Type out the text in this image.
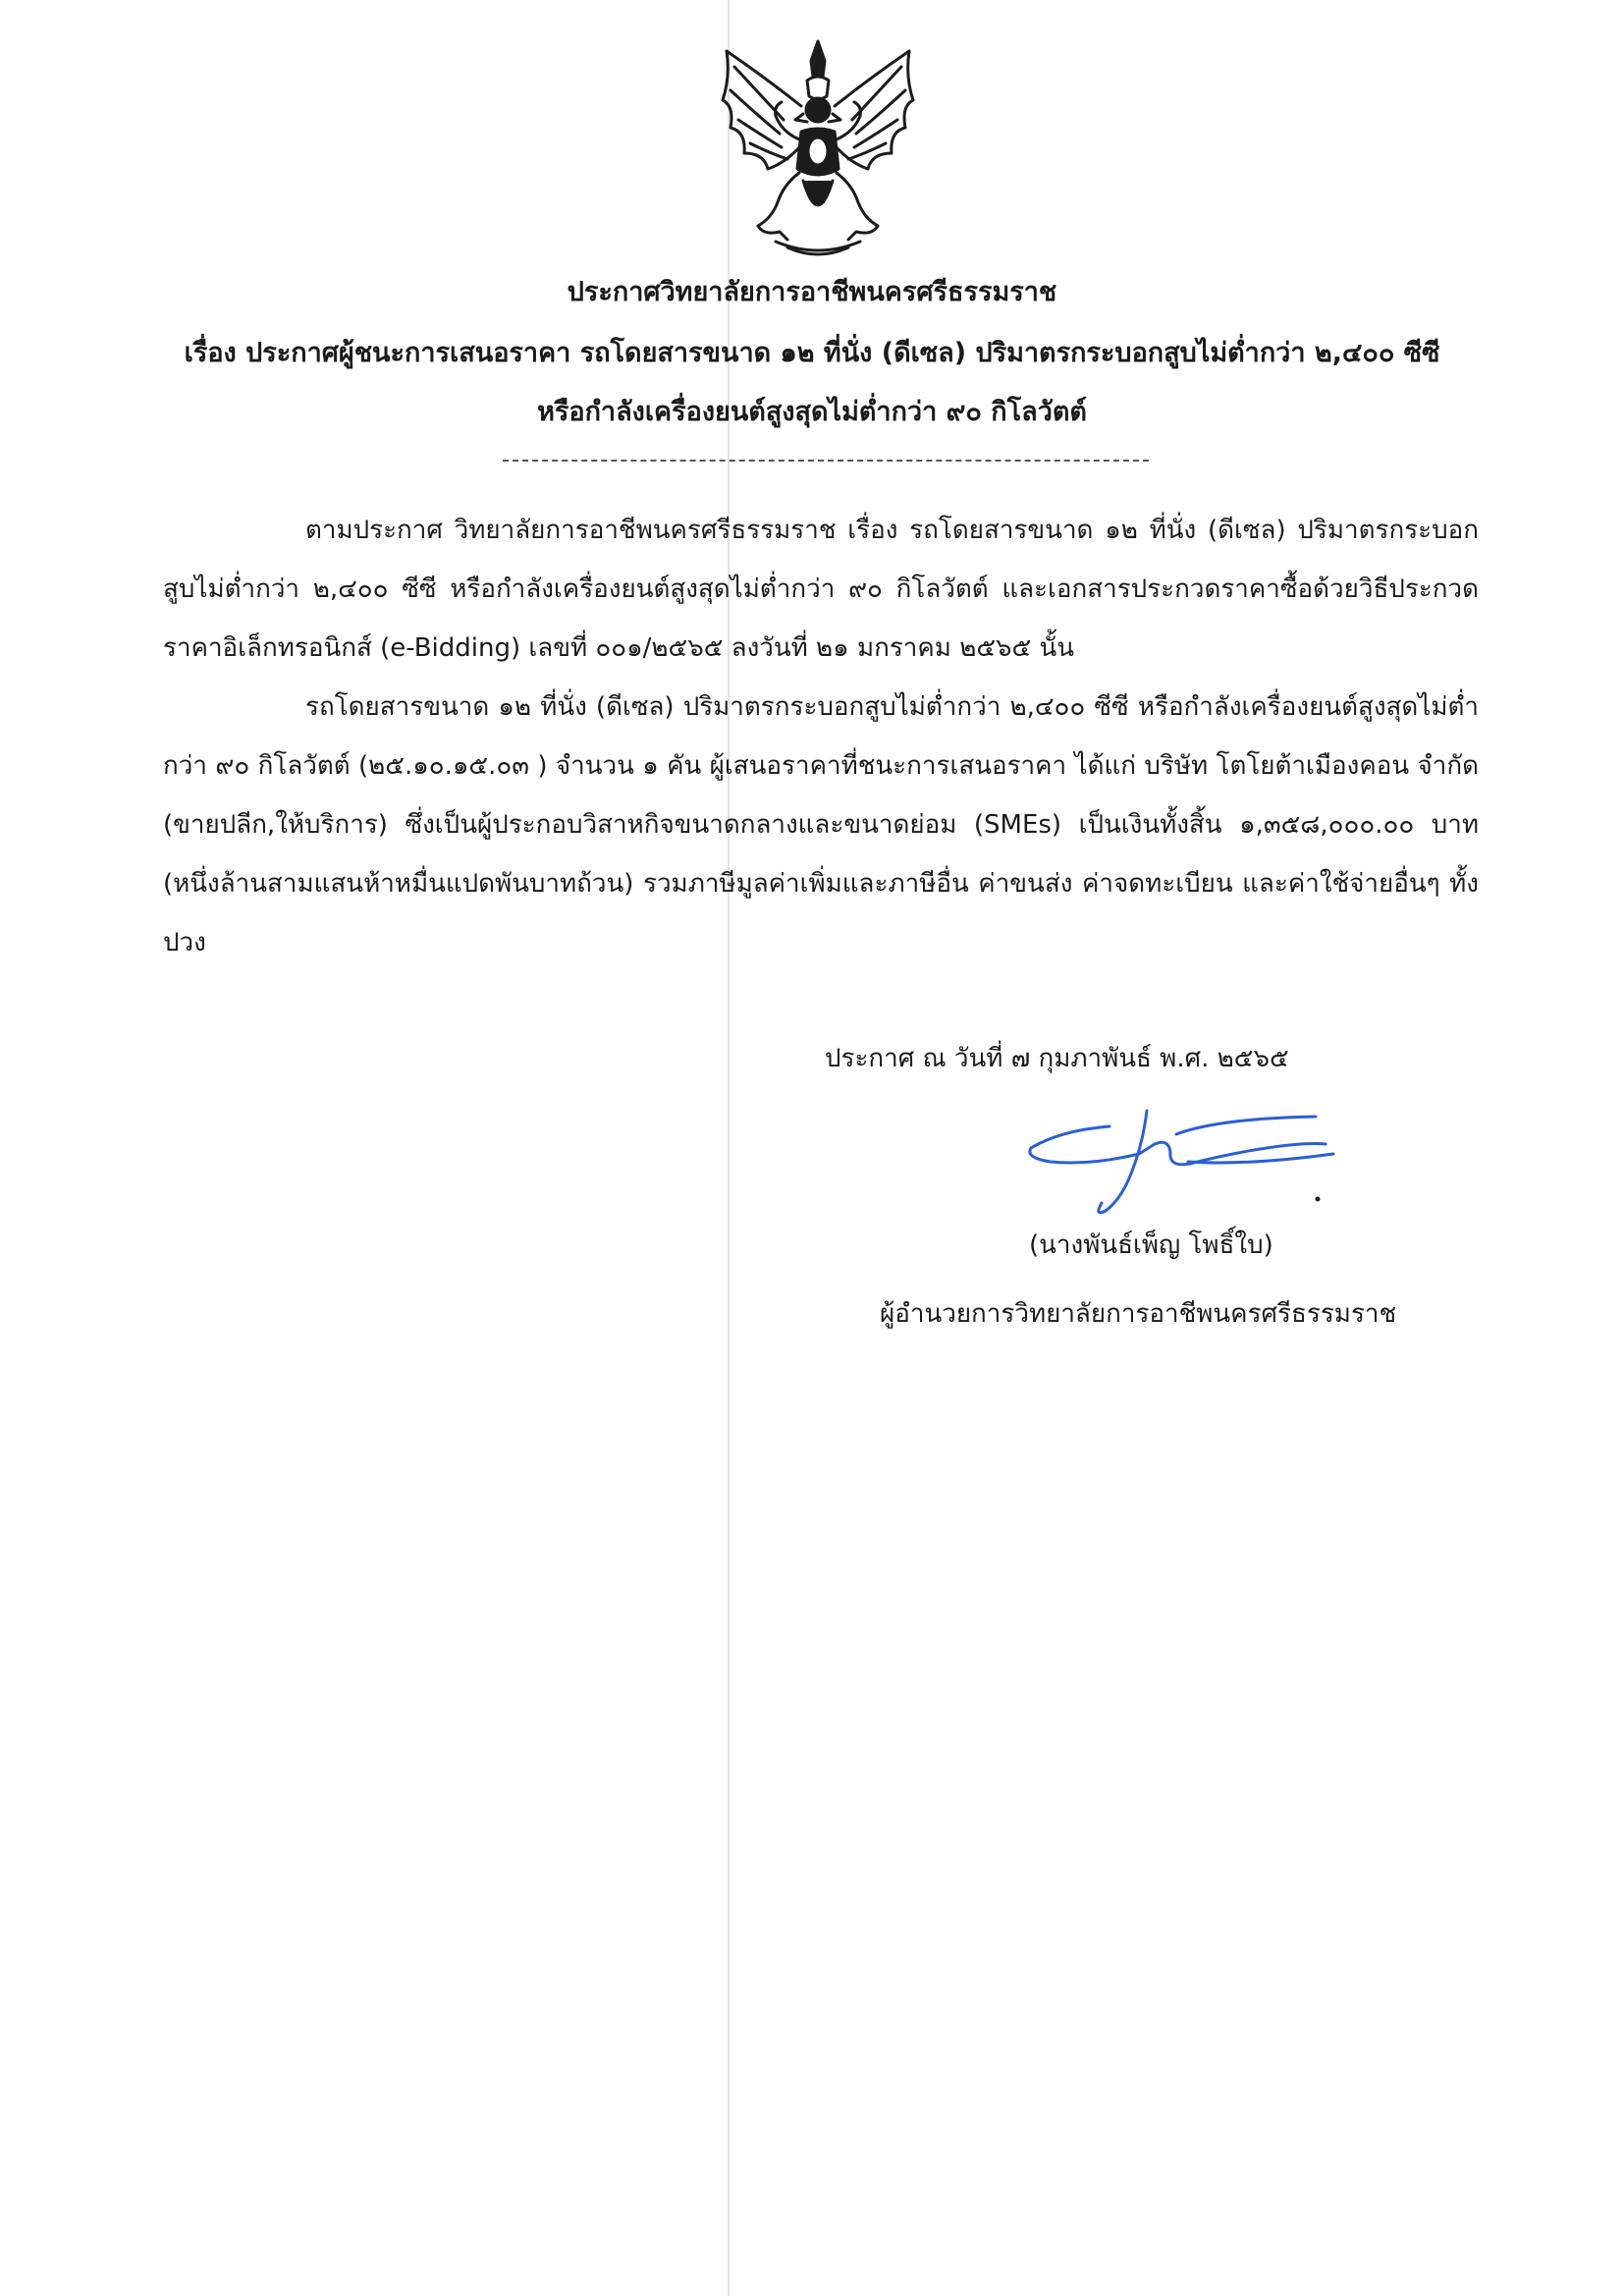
ประกาศวิทยาลัยการอาชีพนครศรีธรรมราช
เรื่อง ประกาศผู้ชนะการเสนอราคา รถโดยสารขนาด ๑๒ ที่นั่ง (ดีเซล) ปริมาตรกระบอกสูบไม่ต่ำกว่า ๒,๔๐๐ ซีซี
หรือกำลังเครื่องยนต์สูงสุดไม่ต่ำกว่า ๙๐ กิโลวัตต์
ตามประกาศ วิทยาลัยการอาชีพนครศรีธรรมราช เรื่อง รถโดยสารขนาด ๑๒ ที่นั่ง (ดีเซล) ปริมาตรกระบอกสูบไม่ต่ำกว่า ๒,๔๐๐ ซีซี หรือกำลังเครื่องยนต์สูงสุดไม่ต่ำกว่า ๙๐ กิโลวัตต์ และเอกสารประกวดราคาซื้อด้วยวิธีประกวดราคาอิเล็กทรอนิกส์ (e-Bidding) เลขที่ ๐๐๑/๒๕๖๕ ลงวันที่ ๒๑ มกราคม ๒๕๖๕ นั้น
รถโดยสารขนาด ๑๒ ที่นั่ง (ดีเซล) ปริมาตรกระบอกสูบไม่ต่ำกว่า ๒,๔๐๐ ซีซี หรือกำลังเครื่องยนต์สูงสุดไม่ต่ำกว่า ๙๐ กิโลวัตต์ (๒๕.๑๐.๑๕.๐๓ ) จำนวน ๑ คัน ผู้เสนอราคาที่ชนะการเสนอราคา ได้แก่ บริษัท โตโยต้าเมืองคอน จำกัด (ขายปลีก,ให้บริการ) ซึ่งเป็นผู้ประกอบวิสาหกิจขนาดกลางและขนาดย่อม (SMEs) เป็นเงินทั้งสิ้น ๑,๓๕๘,๐๐๐.๐๐ บาท (หนึ่งล้านสามแสนห้าหมื่นแปดพันบาทถ้วน) รวมภาษีมูลค่าเพิ่มและภาษีอื่น ค่าขนส่ง ค่าจดทะเบียน และค่าใช้จ่ายอื่นๆ ทั้งปวง
ประกาศ ณ วันที่ ๗ กุมภาพันธ์ พ.ศ. ๒๕๖๕
(นางพันธ์เพ็ญ โพธิ์ใบ)
ผู้อำนวยการวิทยาลัยการอาชีพนครศรีธรรมราช
